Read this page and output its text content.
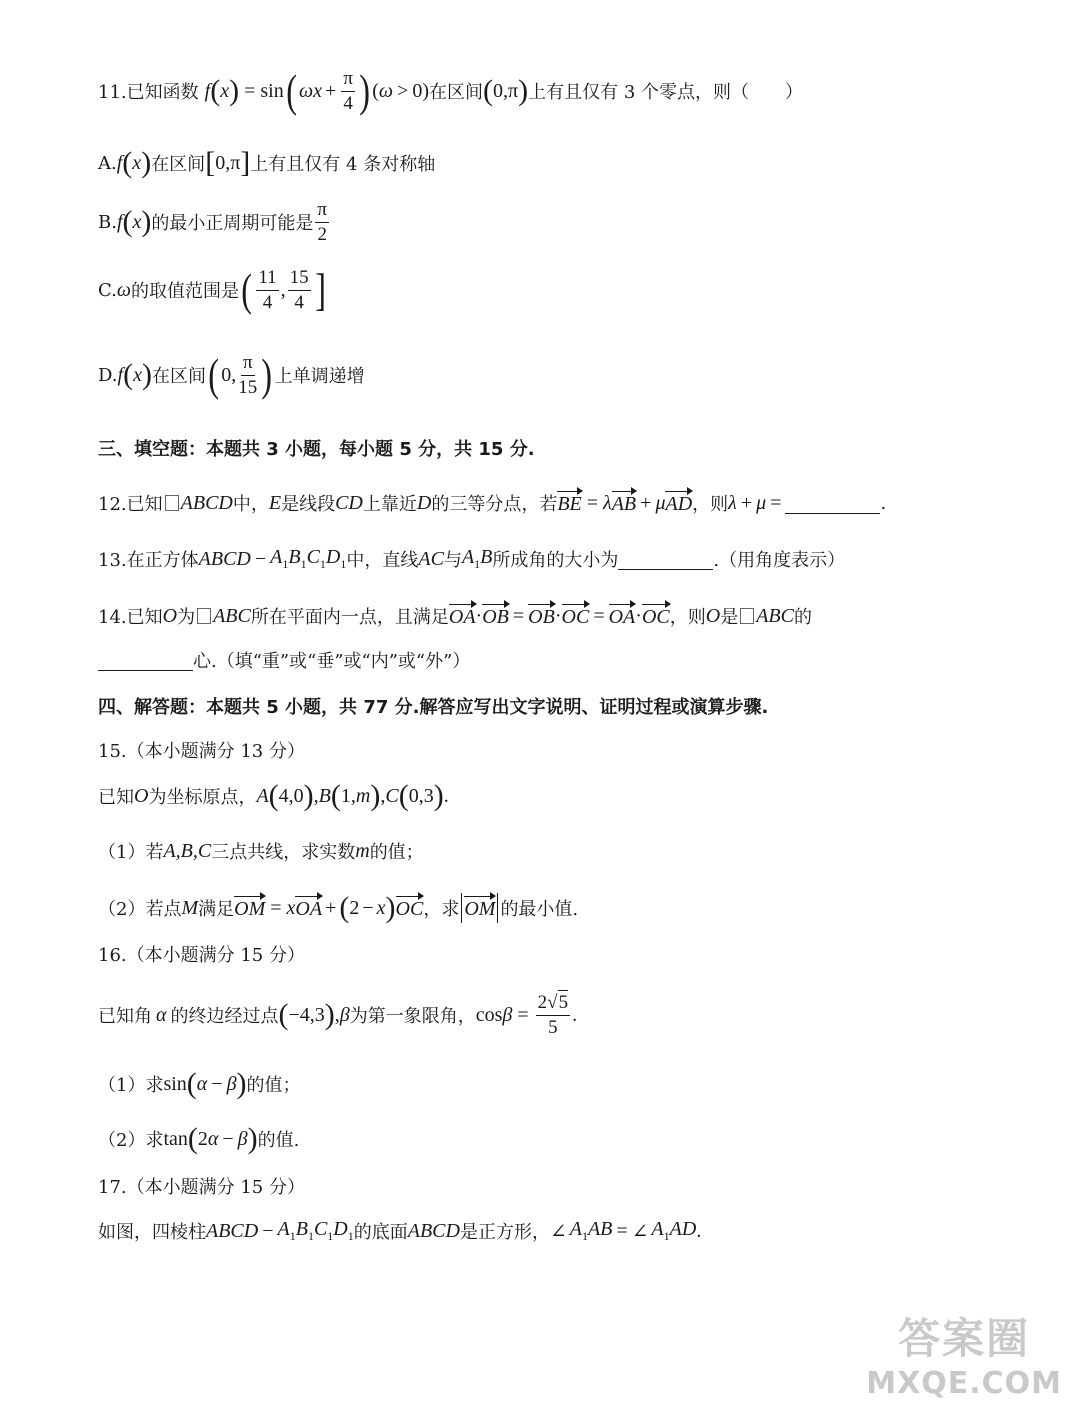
11.已知函数 f ( x ) = sin ( $\omega x + \frac{\pi}{4}$ ) ( ω > 0) 在区间 ( 0,π ) 上有且仅有 3 个零点，则（　　）
A. f ( x ) 在区间 [ 0,π ] 上有且仅有 4 条对称轴
B. f ( x ) 的最小正周期可能是 $\frac{\pi}{2}$
C. ω 的取值范围是 ( $\frac{11}{4}$ , $\frac{15}{4}$ ]
D. f ( x ) 在区间 ( 0, $\frac{\pi}{15}$ ) 上单调递增
三、填空题：本题共 3 小题，每小题 5 分，共 15 分.
12.已知 ABCD 中， E 是线段 CD 上靠近 D 的三等分点，若 BE = λ AB + μ AD ，则 λ + μ =	.
13.在正方体 ABCD − $A_1B_1C_1D_1$ 中，直线 AC 与 $A_1B$ 所成角的大小为	.（用角度表示）
14.已知 O 为 ABC 所在平面内一点，且满足 OA · OB = OB · OC = OA · OC ，则 O 是 ABC 的
心.（填“重”或“垂”或“内”或“外”）
四、解答题：本题共 5 小题，共 77 分.解答应写出文字说明、证明过程或演算步骤.
15.（本小题满分 13 分）
已知 O 为坐标原点， A ( 4,0 ) , B ( 1, m ) , C ( 0,3 ) .
（1）若 A,B,C 三点共线，求实数 m 的值；
（2）若点 M 满足 OM = x OA + ( 2 − x ) OC ，求 OM 的最小值.
16.（本小题满分 15 分）
已知角 α 的终边经过点 ( −4,3 ) , β 为第一象限角， $\cos \beta = \frac{2√5}{5}$ .
（1）求 sin ( α − β ) 的值；
（2）求 tan ( 2 α − β ) 的值.
17.（本小题满分 15 分）
如图，四棱柱 ABCD − $A_1B_1C_1D_1$ 的底面 ABCD 是正方形， ∠ $A_1AB$ = ∠ $A_1AD$ .
答案圈
MXQE.COM
